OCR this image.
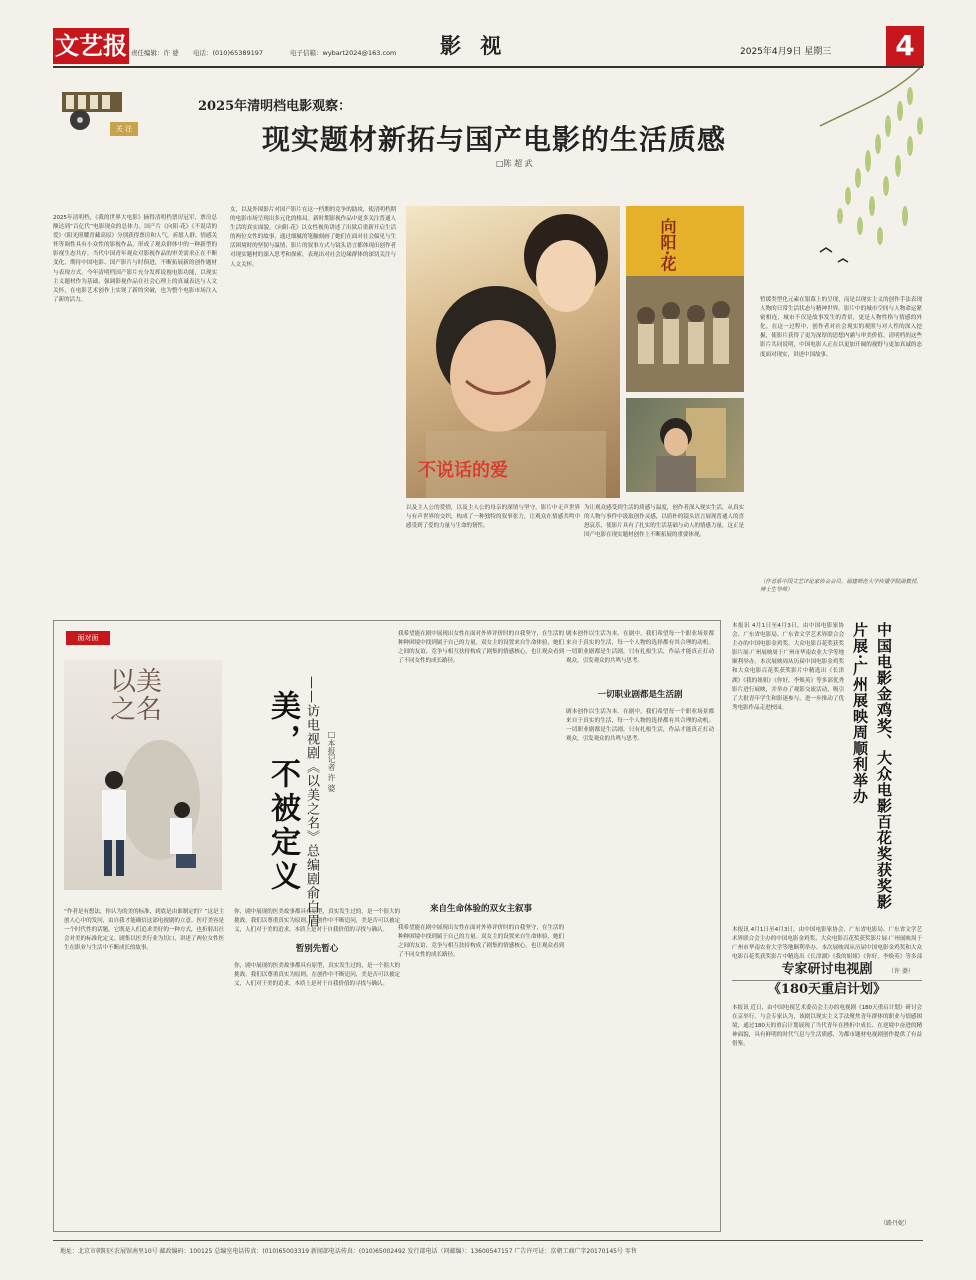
文艺报 责任编辑：许 婆 电话：(010)65389197	电子信箱：wybart2024@163.com 影 视	2025年4月9日 星期三	4
关 注
2025年清明档电影观察：
现实题材新拓与国产电影的生活质感
□陈 超 武
2025年清明档，《我的世界大电影》摘得清明档票房冠军，票房总额达到“百亿代”电影现众的总体力。国产片《向阳·花》《不说话的爱》《阳光照耀青藏高原》分别获得票房和人气，祈愿人群、情感关怀等调性具有小众性的影视作品，形成了观众群体中的一种新型的影视生态共存。当代中国青年观众对影视作品的审美需求正在不断变化，期待中国电影、国产影片与时俱进，不断拓展新的创作题材与表现方式。今年清明档国产影片充分发挥说视电影功能，以现实主义题材作为基础，强调影视作品在社会心理上的真诚表达与人文关怀，在电影艺术创作上实现了新的突破，也为整个电影市场注入了新的活力。
女，以及外围影片对国产影片在这一档期的竞争的助攻，使清明档期的电影市场呈现出多元化的格局。新时期影视作品中更多关注普通人生活的真实面貌。《向阳·花》以女性视角讲述了出狱后重新开启生活的两位女性的故事，通过细腻的笔触刻画了她们在面对社会偏见与生活困境时的坚韧与温情，影片的叙事方式与镜头语言都体现出创作者对现实题材的深入思考和探索，表现出对社会边缘群体的深切关注与人文关怀。
不说话的爱
向阳·花
以及主人公的爱情，以及主人公的母亲的深情与坚守。影片中无声世界与有声世界的交织，构成了一种独特的叙事张力，让观众在情感共鸣中感受到了爱的力量与生命的韧性。
为让观众感受到生活的质感与温度，创作者深入现实生活，从真实的人物与事件中汲取创作灵感，以质朴的镜头语言展现普通人的喜怒哀乐，使影片具有了扎实的生活基础与动人的情感力量，这正是国产电影在现实题材创作上不断拓展的重要体现。
暂缓类型化元素在银幕上的呈现，而是以现实主义的创作手法表现人物的日常生活状态与精神世界。影片中的城市空间与人物命运紧密相连，城市不仅是故事发生的背景，更是人物性格与情感的外化。在这一过程中，创作者对社会现实的观照与对人性的深入挖掘，使影片获得了更为深厚的思想内涵与审美价值。清明档的这些影片共同说明，中国电影人正在以更加开阔的视野与更加真诚的态度面对现实，讲述中国故事。
（作者系中国文艺评论家协会会员、福建师范大学传播学院副教授、博士生导师）
面对面
以美之名	美，不被定义 ——访电视剧《以美之名》总编剧俞白眉 □本报记者 许 婆
“作者是有想法，你认为的美的标准，到底是由谁制定的？”这是主创人心中的发问，由自我才能确信这部电视剧的立意。医疗美容是一个时代性的话题，它既是人们追求美好的一种方式，也折射出社会对美的标准化定义。剧集以医美行业为切口，讲述了两位女性医生在职业与生活中不断成长的故事。	暂别先暂心
你，剧中展现的医美故事都具有原型，真实发生过的，是一个很大的挑战。我们以尊重真实为原则，在创作中不断追问，美是否可以被定义，人们对于美的追求，本质上是对于自我价值的寻找与确认。
你，剧中展现的医美故事都具有原型，真实发生过的，是一个很大的挑战。我们以尊重真实为原则，在创作中不断追问，美是否可以被定义，人们对于美的追求，本质上是对于自我价值的寻找与确认。
我希望能在剧中展现出女性在面对外界评价时的自我坚守，在生活的种种困境中找到属于自己的力量。双女主的设置来自生命体验，她们之间的友谊、竞争与相互扶持构成了剧集的情感核心，也让观众看到了不同女性的成长路径。
来自生命体验的双女主叙事
我希望能在剧中展现出女性在面对外界评价时的自我坚守，在生活的种种困境中找到属于自己的力量。双女主的设置来自生命体验，她们之间的友谊、竞争与相互扶持构成了剧集的情感核心，也让观众看到了不同女性的成长路径。
一切职业剧都是生活剧
剧本创作以生活为本。在剧中，我们希望每一个职业场景都来自于真实的生活，每一个人物的选择都有其合理的动机。一切职业剧都是生活剧，只有扎根生活，作品才能真正打动观众，引发观众的共鸣与思考。
剧本创作以生活为本。在剧中，我们希望每一个职业场景都来自于真实的生活，每一个人物的选择都有其合理的动机。一切职业剧都是生活剧，只有扎根生活，作品才能真正打动观众，引发观众的共鸣与思考。	中国电影金鸡奖、大众电影百花奖获奖影片展·广州展映周顺利举办
本报讯 4月1日至4月3日，由中国电影家协会、广东省电影局、广东省文学艺术界联合会主办的中国电影金鸡奖、大众电影百花奖获奖影片展·广州展映周于广州市华南农业大学等地顺利举办。本次展映周从历届中国电影金鸡奖和大众电影百花奖获奖影片中精选出《长津湖》《我的姐姐》《你好，李焕英》等多部优秀影片进行展映，并举办了观影交流活动，吸引了大批青年学生和影迷参与，进一步推动了优秀电影作品走进校园。
本报讯 4月1日至4月3日，由中国电影家协会、广东省电影局、广东省文学艺术界联合会主办的中国电影金鸡奖、大众电影百花奖获奖影片展·广州展映周于广州市华南农业大学等地顺利举办。本次展映周从历届中国电影金鸡奖和大众电影百花奖获奖影片中精选出《长津湖》《我的姐姐》《你好，李焕英》等多部
（许 婆）
专家研讨电视剧
《180天重启计划》
本报讯 近日，由中国电视艺术委员会主办的电视剧《180天重启计划》研讨会在京举行。与会专家认为，该剧以现实主义手法聚焦青年群体的职业与情感困境，通过180天的重启计划展现了当代青年在挫折中成长、在逆境中奋进的精神面貌，具有鲜明的时代气息与生活质感，为都市题材电视剧创作提供了有益借鉴。
（路丹妮）
地址：北京市朝阳区农展馆南里10号 邮政编码：100125 总编室电话传真：(010)65003319 新闻部电话传真：(010)65002492 发行部电话（同邮编）：13600547157 广告许可证：京朝工商广字20170145号 零售
